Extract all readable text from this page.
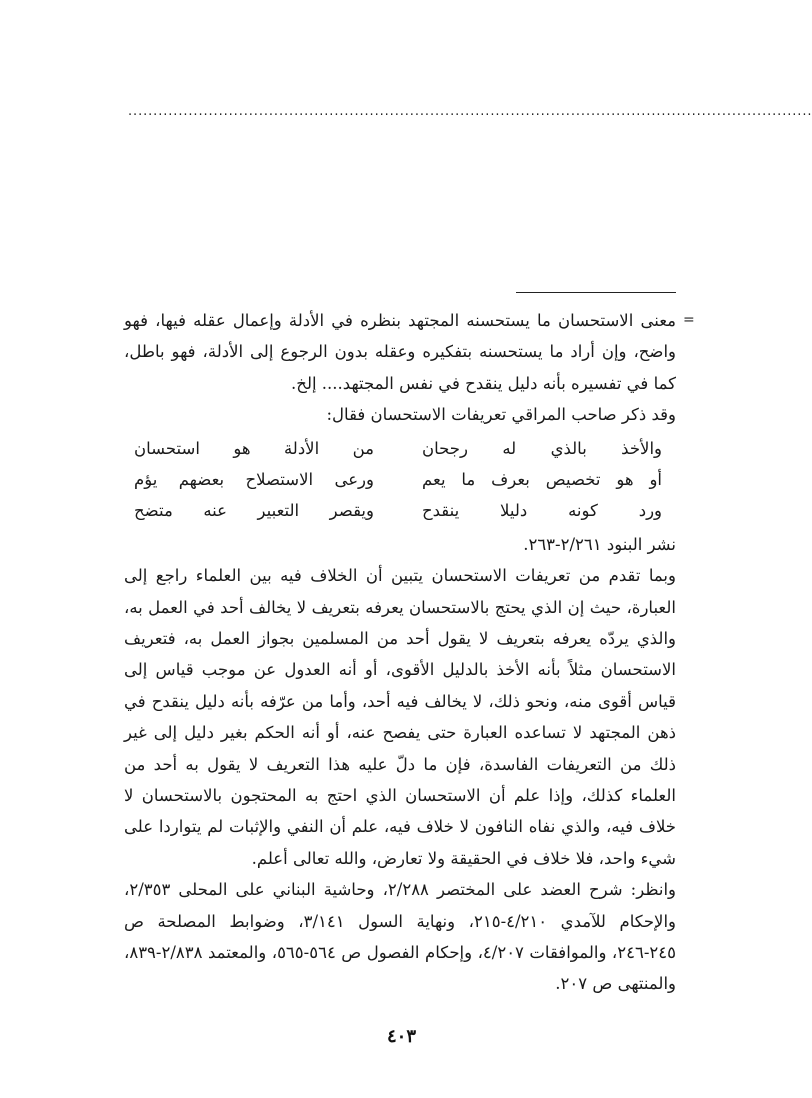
........................................................................................................................................
=

معنى الاستحسان ما يستحسنه المجتهد بنظره في الأدلة وإعمال عقله فيها، فهو واضح، وإن أراد ما يستحسنه بتفكيره وعقله بدون الرجوع إلى الأدلة، فهو باطل، كما في تفسيره بأنه دليل ينقدح في نفس المجتهد.... إلخ.

وقد ذكر صاحب المراقي تعريفات الاستحسان فقال:

والأخذ بالذي له رجحان
من الأدلة هو استحسان
أو هو تخصيص بعرف ما يعم
ورعى الاستصلاح بعضهم يؤم
ورد كونه دليلا ينقدح
ويقصر التعبير عنه متضح

نشر البنود ٢/٢٦١-٢٦٣.

وبما تقدم من تعريفات الاستحسان يتبين أن الخلاف فيه بين العلماء راجع إلى العبارة، حيث إن الذي يحتج بالاستحسان يعرفه بتعريف لا يخالف أحد في العمل به، والذي يردّه يعرفه بتعريف لا يقول أحد من المسلمين بجواز العمل به، فتعريف الاستحسان مثلاً بأنه الأخذ بالدليل الأقوى، أو أنه العدول عن موجب قياس إلى قياس أقوى منه، ونحو ذلك، لا يخالف فيه أحد، وأما من عرّفه بأنه دليل ينقدح في ذهن المجتهد لا تساعده العبارة حتى يفصح عنه، أو أنه الحكم بغير دليل إلى غير ذلك من التعريفات الفاسدة، فإن ما دلّ عليه هذا التعريف لا يقول به أحد من العلماء كذلك، وإذا علم أن الاستحسان الذي احتج به المحتجون بالاستحسان لا خلاف فيه، والذي نفاه النافون لا خلاف فيه، علم أن النفي والإثبات لم يتواردا على شيء واحد، فلا خلاف في الحقيقة ولا تعارض، والله تعالى أعلم.

وانظر: شرح العضد على المختصر ٢/٢٨٨، وحاشية البناني على المحلى ٢/٣٥٣، والإحكام للآمدي ٤/٢١٠-٢١٥، ونهاية السول ٣/١٤١، وضوابط المصلحة ص ٢٤٥-٢٤٦، والموافقات ٤/٢٠٧، وإحكام الفصول ص ٥٦٤-٥٦٥، والمعتمد ٢/٨٣٨-٨٣٩، والمنتهى ص ٢٠٧.

٤٠٣
